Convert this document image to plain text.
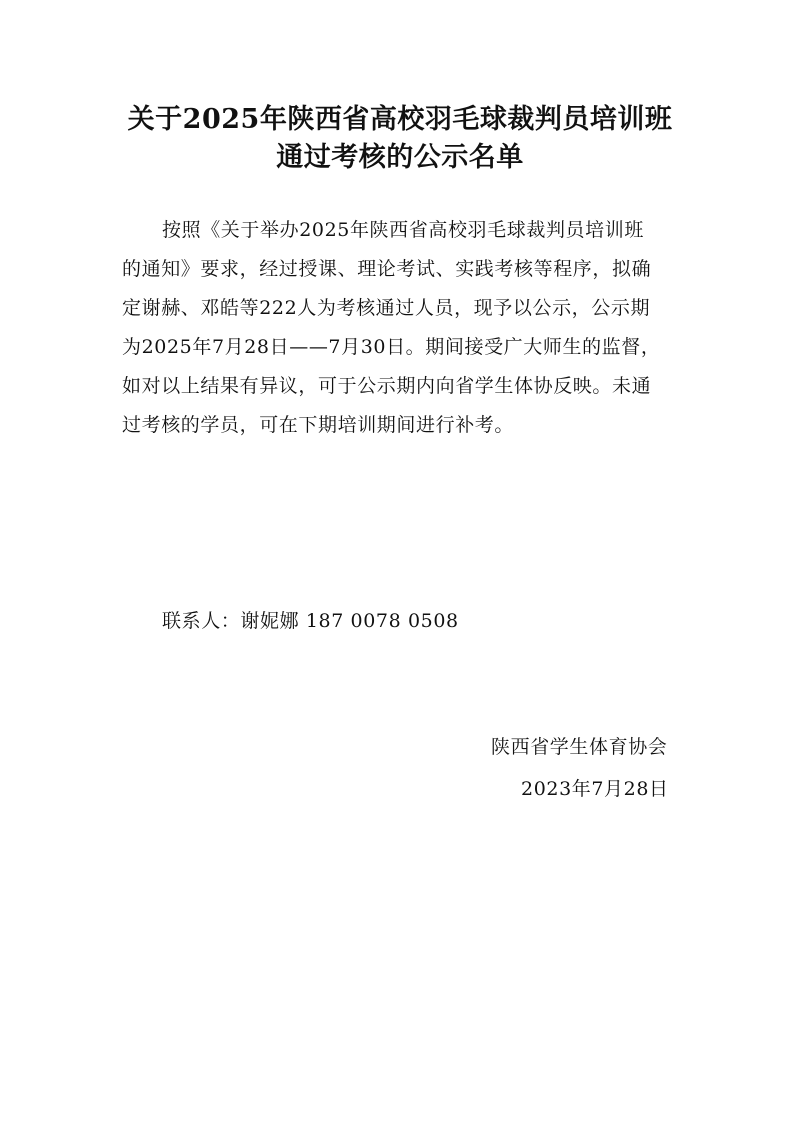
关于2025年陕西省高校羽毛球裁判员培训班
通过考核的公示名单
按照《关于举办2025年陕西省高校羽毛球裁判员培训班
的通知》要求，经过授课、理论考试、实践考核等程序，拟确
定谢赫、邓皓等222人为考核通过人员，现予以公示，公示期
为2025年7月28日——7月30日。期间接受广大师生的监督，
如对以上结果有异议，可于公示期内向省学生体协反映。未通
过考核的学员，可在下期培训期间进行补考。
联系人：谢妮娜 187 0078 0508
陕西省学生体育协会
2023年7月28日
